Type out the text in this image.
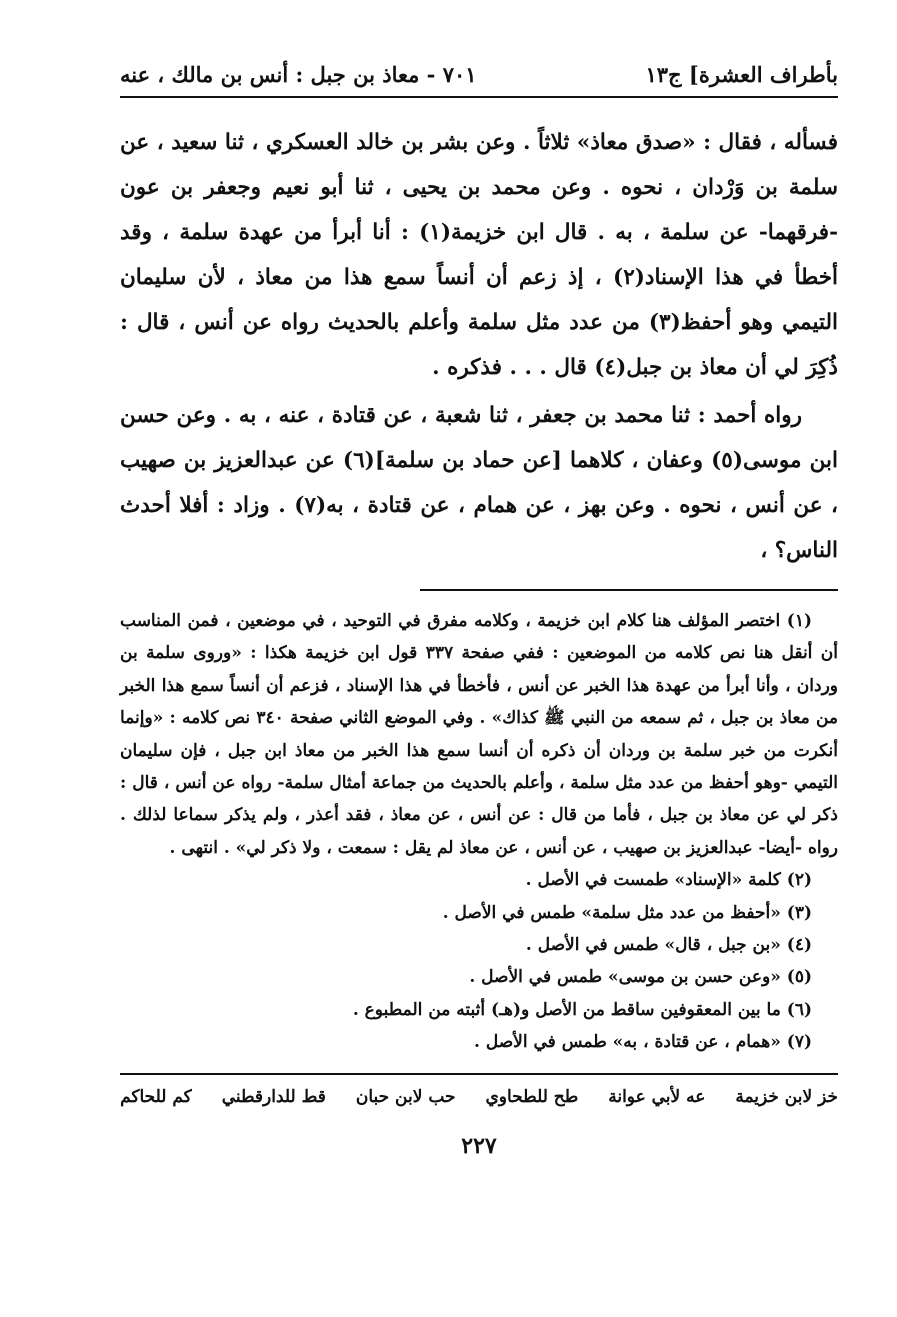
بأطراف العشرة] ج١٣
٧٠١ - معاذ بن جبل : أنس بن مالك ، عنه

فسأله ، فقال : «صدق معاذ» ثلاثاً . وعن بشر بن خالد العسكري ، ثنا سعيد ، عن سلمة بن وَرْدان ، نحوه . وعن محمد بن يحيى ، ثنا أبو نعيم وجعفر بن عون -فرقهما- عن سلمة ، به . قال ابن خزيمة(١) : أنا أبرأ من عهدة سلمة ، وقد أخطأ في هذا الإسناد(٢) ، إذ زعم أن أنساً سمع هذا من معاذ ، لأن سليمان التيمي وهو أحفظ(٣) من عدد مثل سلمة وأعلم بالحديث رواه عن أنس ، قال : ذُكِرَ لي أن معاذ بن جبل(٤) قال . . . فذكره .

رواه أحمد : ثنا محمد بن جعفر ، ثنا شعبة ، عن قتادة ، عنه ، به . وعن حسن ابن موسى(٥) وعفان ، كلاهما [عن حماد بن سلمة](٦) عن عبدالعزيز بن صهيب ، عن أنس ، نحوه . وعن بهز ، عن همام ، عن قتادة ، به(٧) . وزاد : أفلا أحدث الناس؟ ،

(١) اختصر المؤلف هنا كلام ابن خزيمة ، وكلامه مفرق في التوحيد ، في موضعين ، فمن المناسب أن أنقل هنا نص كلامه من الموضعين : ففي صفحة ٣٣٧ قول ابن خزيمة هكذا : «وروى سلمة بن وردان ، وأنا أبرأ من عهدة هذا الخبر عن أنس ، فأخطأ في هذا الإسناد ، فزعم أن أنساً سمع هذا الخبر من معاذ بن جبل ، ثم سمعه من النبي ﷺ كذاك» . وفي الموضع الثاني صفحة ٣٤٠ نص كلامه : «وإنما أنكرت من خبر سلمة بن وردان أن ذكره أن أنسا سمع هذا الخبر من معاذ ابن جبل ، فإن سليمان التيمي -وهو أحفظ من عدد مثل سلمة ، وأعلم بالحديث من جماعة أمثال سلمة- رواه عن أنس ، قال : ذكر لي عن معاذ بن جبل ، فأما من قال : عن أنس ، عن معاذ ، فقد أعذر ، ولم يذكر سماعا لذلك . رواه -أيضا- عبدالعزيز بن صهيب ، عن أنس ، عن معاذ لم يقل : سمعت ، ولا ذكر لي» . انتهى .

(٢) كلمة «الإسناد» طمست في الأصل .

(٣) «أحفظ من عدد مثل سلمة» طمس في الأصل .

(٤) «بن جبل ، قال» طمس في الأصل .

(٥) «وعن حسن بن موسى» طمس في الأصل .

(٦) ما بين المعقوفين ساقط من الأصل و(هـ) أثبته من المطبوع .

(٧) «همام ، عن قتادة ، به» طمس في الأصل .

خز لابن خزيمة
عه لأبي عوانة
طح للطحاوي
حب لابن حبان
قط للدارقطني
كم للحاكم
٢٢٧
